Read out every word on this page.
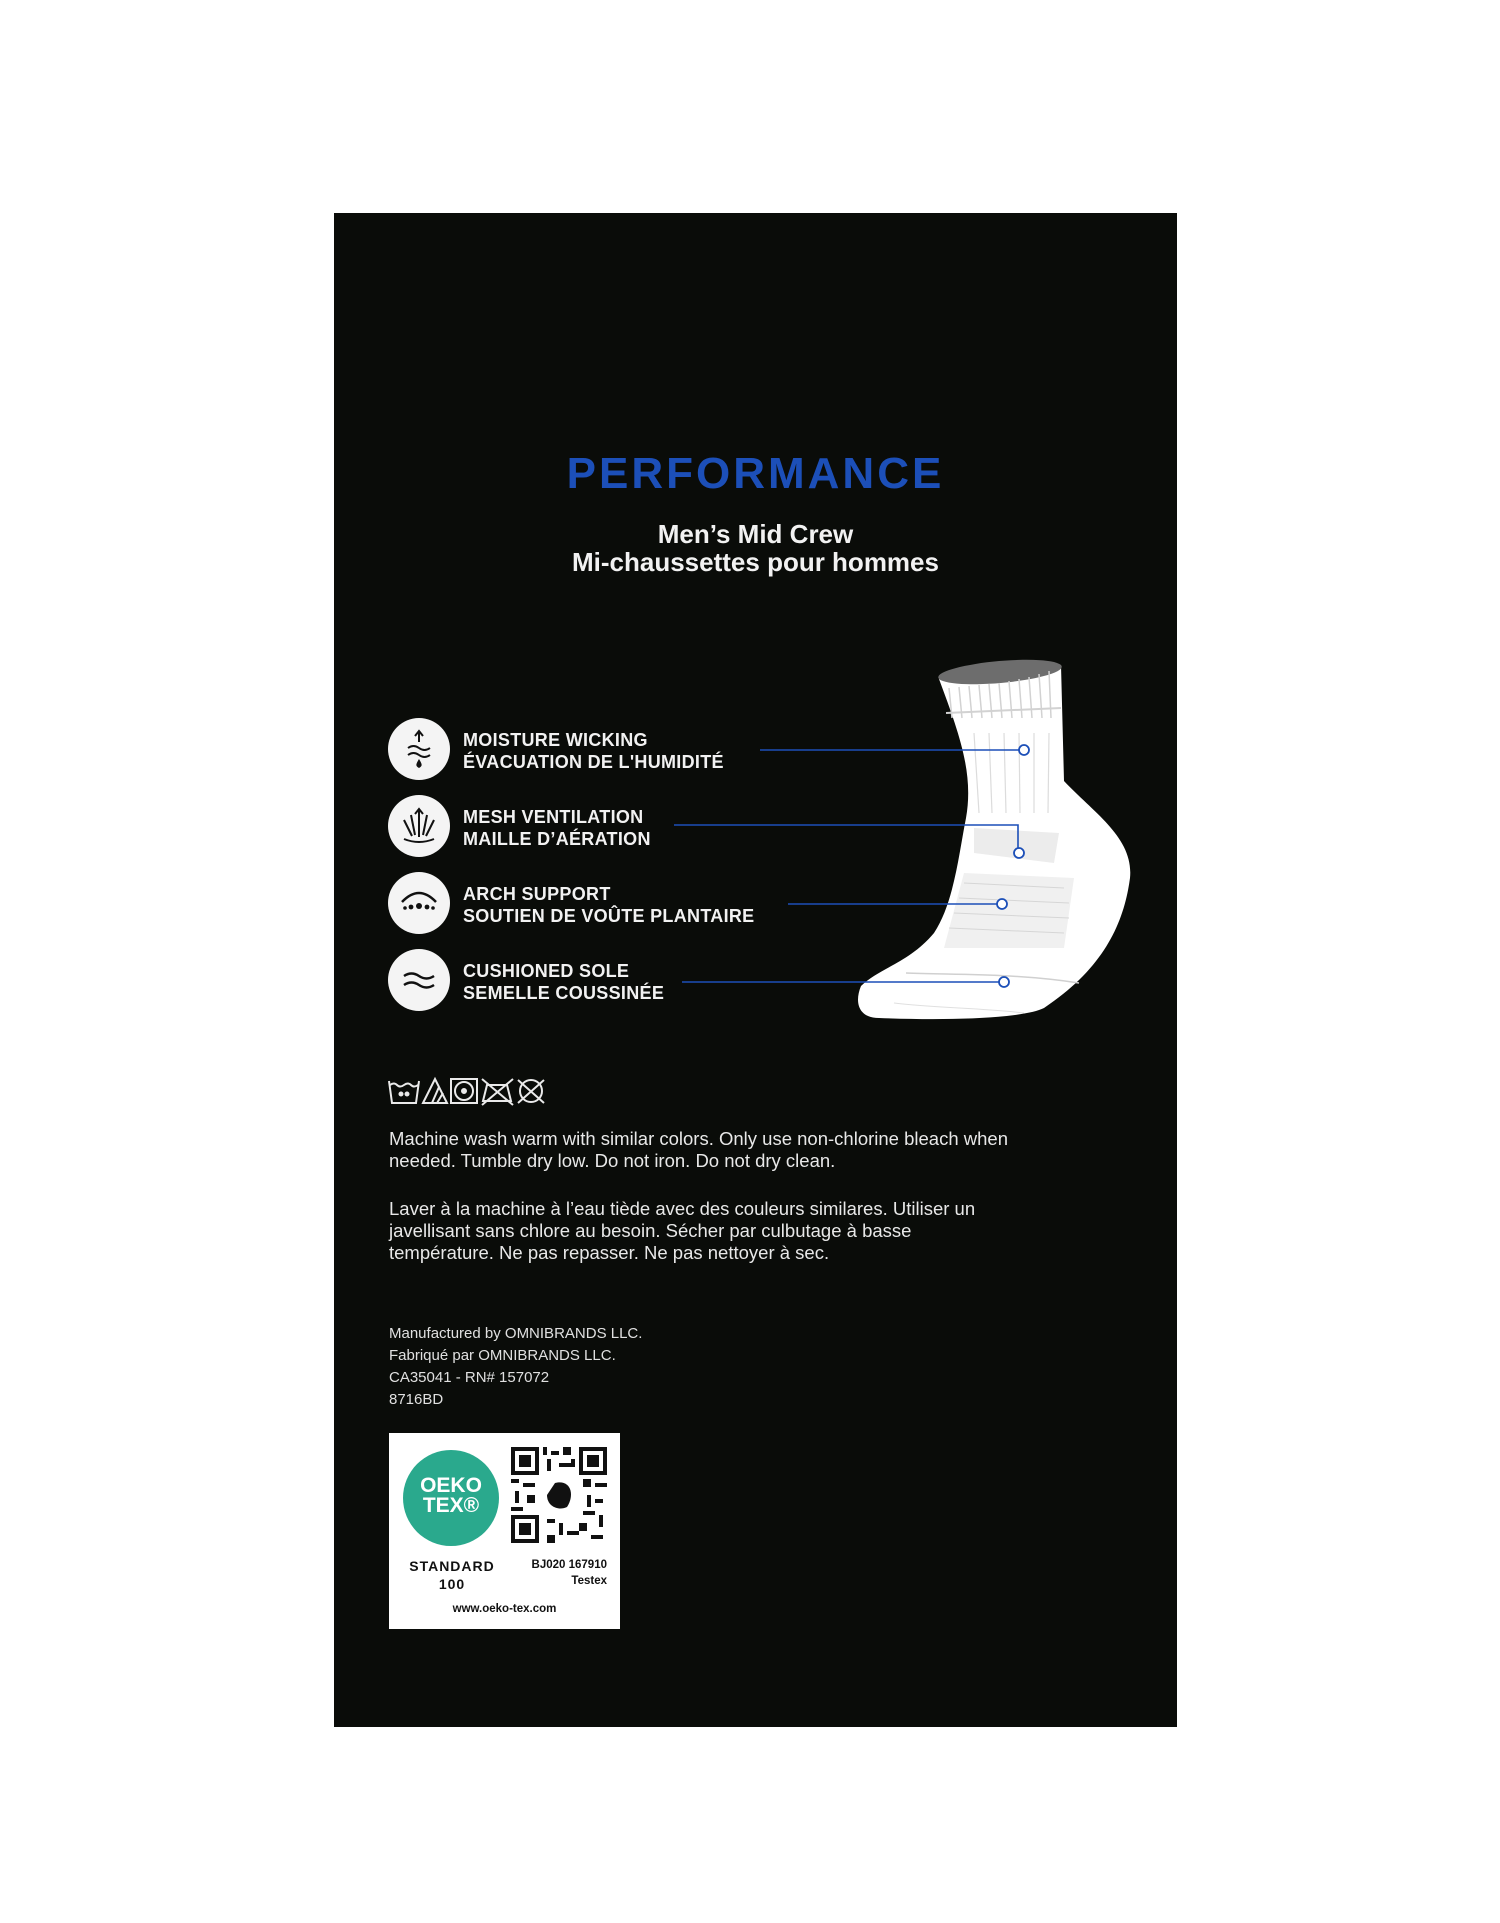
PERFORMANCE
Men’s Mid Crew
Mi-chaussettes pour hommes
MOISTURE WICKING
ÉVACUATION DE L'HUMIDITÉ
MESH VENTILATION
MAILLE D’AÉRATION
ARCH SUPPORT
SOUTIEN DE VOÛTE PLANTAIRE
CUSHIONED SOLE
SEMELLE COUSSINÉE
Machine wash warm with similar colors. Only use non-chlorine bleach when needed. Tumble dry low. Do not iron. Do not dry clean.
Laver à la machine à l’eau tiède avec des couleurs similares. Utiliser un javellisant sans chlore au besoin. Sécher par culbutage à basse température. Ne pas repasser. Ne pas nettoyer à sec.
Manufactured by OMNIBRANDS LLC.
Fabriqué par OMNIBRANDS LLC.
CA35041 - RN# 157072
8716BD
OEKO
TEX®
STANDARD
100
BJ020 167910
Testex
www.oeko-tex.com
